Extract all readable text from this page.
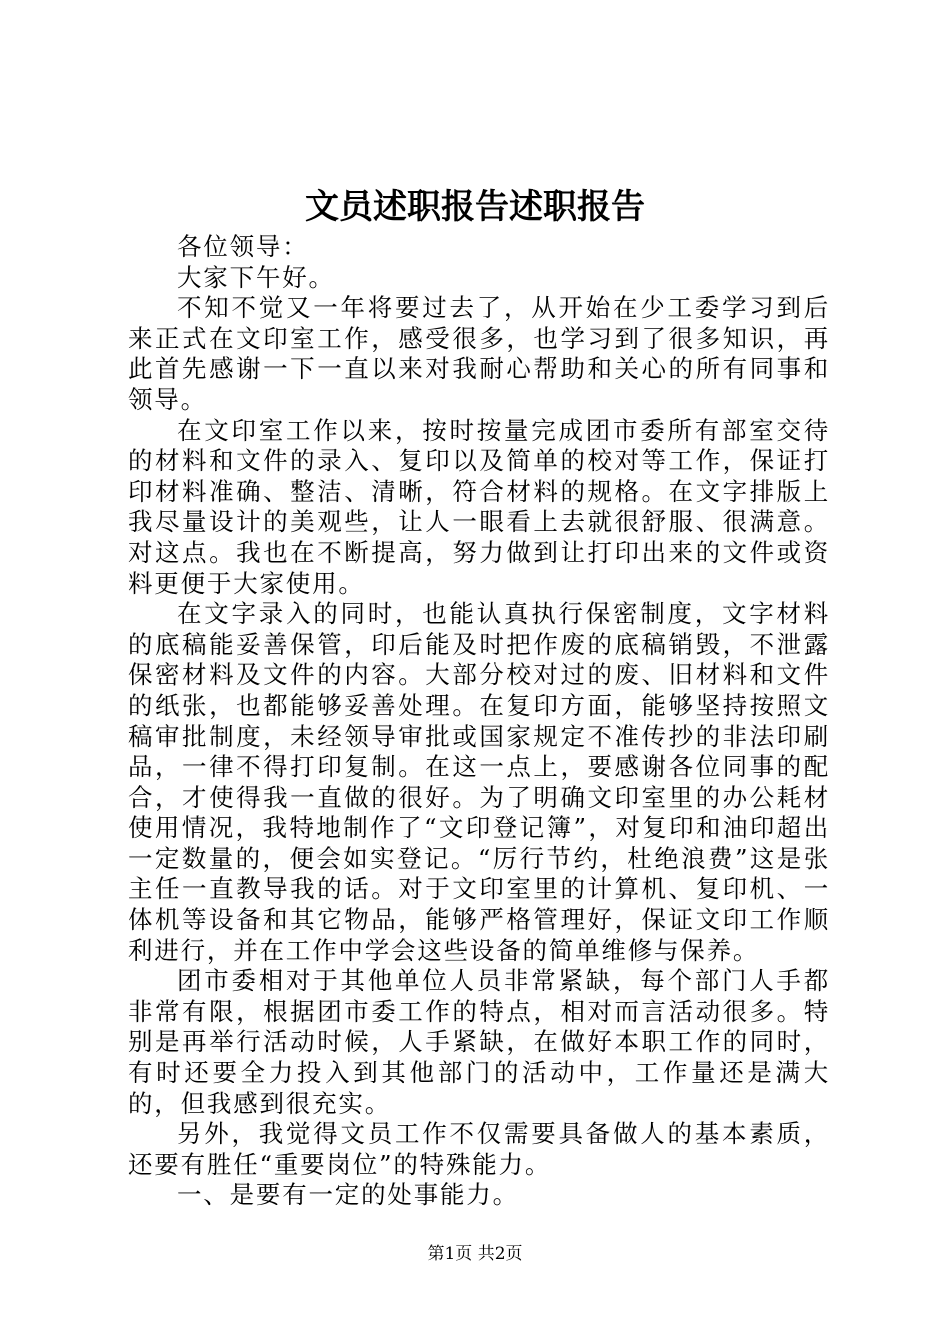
文员述职报告述职报告

各位领导：

大家下午好。

不知不觉又一年将要过去了，从开始在少工委学习到后来正式在文印室工作，感受很多，也学习到了很多知识，再此首先感谢一下一直以来对我耐心帮助和关心的所有同事和领导。

在文印室工作以来，按时按量完成团市委所有部室交待的材料和文件的录入、复印以及简单的校对等工作，保证打印材料准确、整洁、清晰，符合材料的规格。在文字排版上我尽量设计的美观些，让人一眼看上去就很舒服、很满意。对这点。我也在不断提高，努力做到让打印出来的文件或资料更便于大家使用。

在文字录入的同时，也能认真执行保密制度，文字材料的底稿能妥善保管，印后能及时把作废的底稿销毁，不泄露保密材料及文件的内容。大部分校对过的废、旧材料和文件的纸张，也都能够妥善处理。在复印方面，能够坚持按照文稿审批制度，未经领导审批或国家规定不准传抄的非法印刷品，一律不得打印复制。在这一点上，要感谢各位同事的配合，才使得我一直做的很好。为了明确文印室里的办公耗材使用情况，我特地制作了“文印登记簿”，对复印和油印超出一定数量的，便会如实登记。“厉行节约，杜绝浪费”这是张主任一直教导我的话。对于文印室里的计算机、复印机、一体机等设备和其它物品，能够严格管理好，保证文印工作顺利进行，并在工作中学会这些设备的简单维修与保养。

团市委相对于其他单位人员非常紧缺，每个部门人手都非常有限，根据团市委工作的特点，相对而言活动很多。特别是再举行活动时候，人手紧缺，在做好本职工作的同时，有时还要全力投入到其他部门的活动中，工作量还是满大的，但我感到很充实。

另外，我觉得文员工作不仅需要具备做人的基本素质，还要有胜任“重要岗位”的特殊能力。

一、是要有一定的处事能力。

第1页 共2页
